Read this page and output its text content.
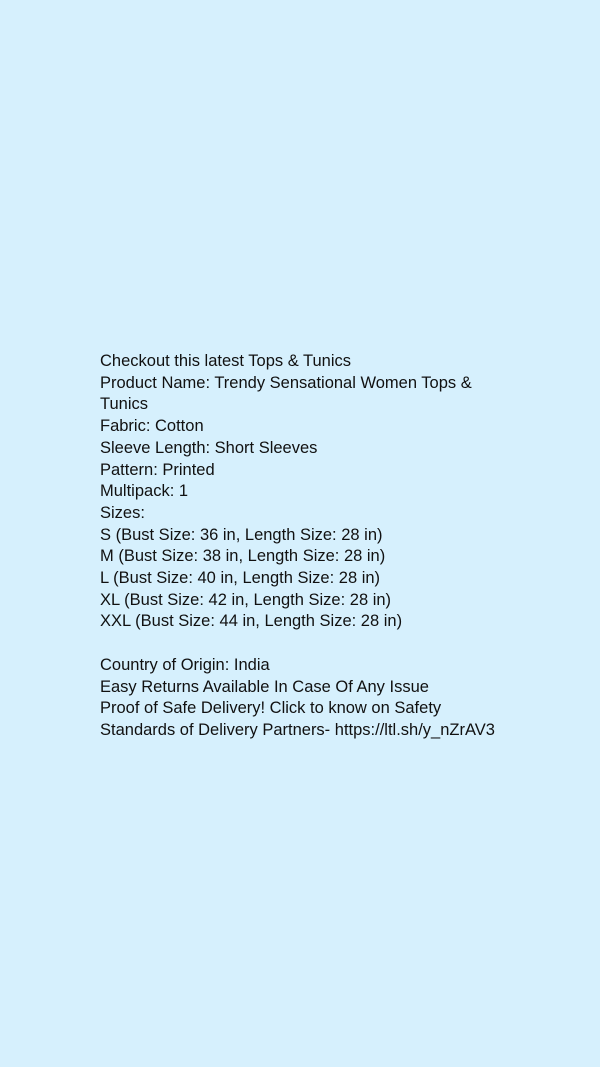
Checkout this latest Tops & Tunics
Product Name: Trendy Sensational Women Tops &
Tunics
Fabric: Cotton
Sleeve Length: Short Sleeves
Pattern: Printed
Multipack: 1
Sizes:
S (Bust Size: 36 in, Length Size: 28 in)
M (Bust Size: 38 in, Length Size: 28 in)
L (Bust Size: 40 in, Length Size: 28 in)
XL (Bust Size: 42 in, Length Size: 28 in)
XXL (Bust Size: 44 in, Length Size: 28 in)
Country of Origin: India
Easy Returns Available In Case Of Any Issue
Proof of Safe Delivery! Click to know on Safety
Standards of Delivery Partners- https://ltl.sh/y_nZrAV3
